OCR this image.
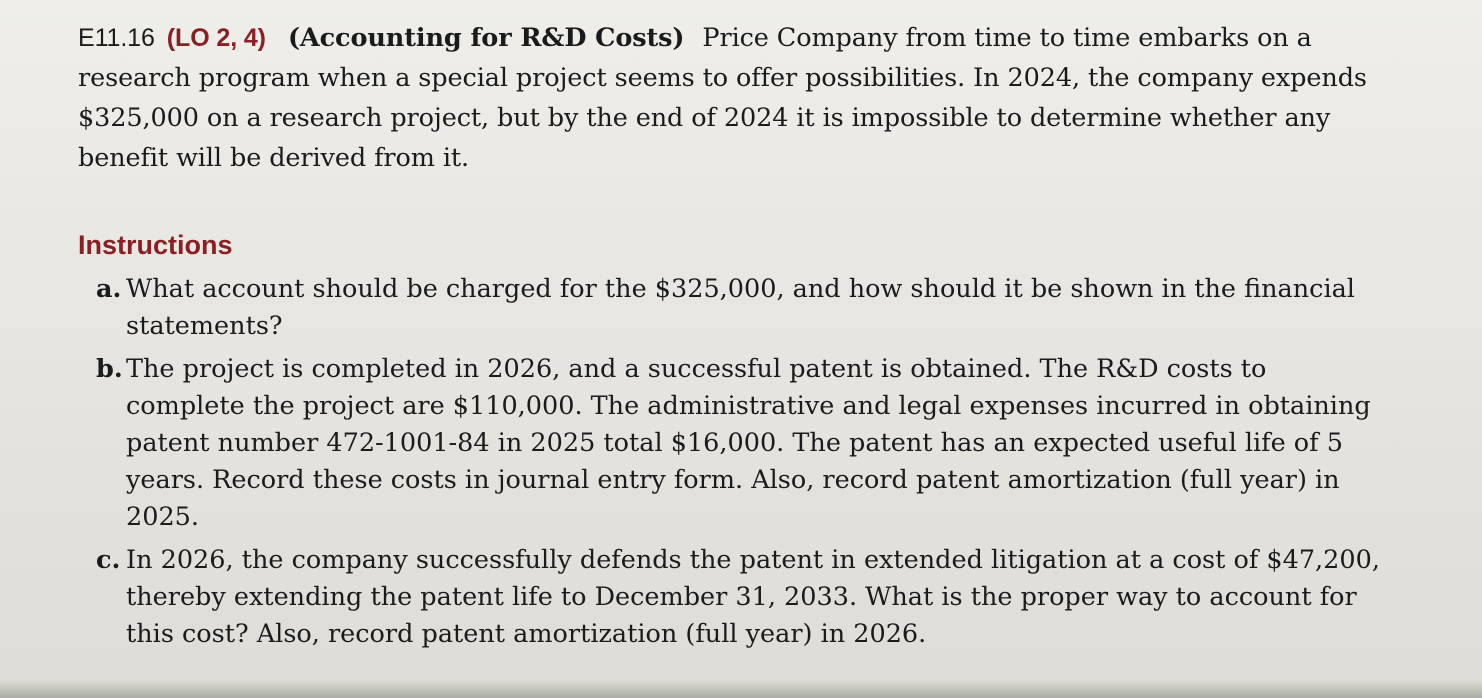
E11.16 (LO 2, 4) (Accounting for R&D Costs) Price Company from time to time embarks on a research program when a special project seems to offer possibilities. In 2024, the company expends $325,000 on a research project, but by the end of 2024 it is impossible to determine whether any benefit will be derived from it.

Instructions
a. What account should be charged for the $325,000, and how should it be shown in the financial statements?
b. The project is completed in 2026, and a successful patent is obtained. The R&D costs to complete the project are $110,000. The administrative and legal expenses incurred in obtaining patent number 472-1001-84 in 2025 total $16,000. The patent has an expected useful life of 5 years. Record these costs in journal entry form. Also, record patent amortization (full year) in 2025.
c. In 2026, the company successfully defends the patent in extended litigation at a cost of $47,200, thereby extending the patent life to December 31, 2033. What is the proper way to account for this cost? Also, record patent amortization (full year) in 2026.
